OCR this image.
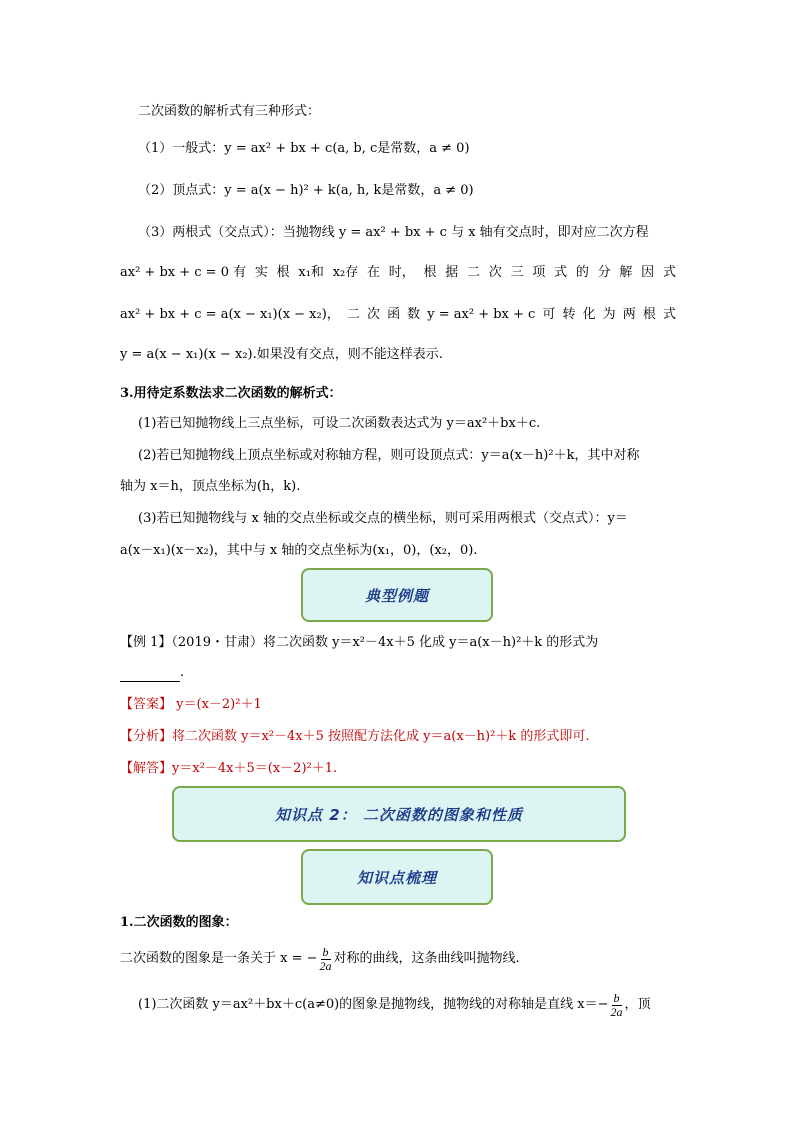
二次函数的解析式有三种形式：
（1）一般式：y = ax² + bx + c(a, b, c是常数，a ≠ 0)
（2）顶点式：y = a(x − h)² + k(a, h, k是常数，a ≠ 0)
（3）两根式（交点式）：当抛物线 y = ax² + bx + c 与 x 轴有交点时，即对应二次方程
ax² + bx + c = 0 有 实 根 x₁和 x₂存 在 时， 根 据 二 次 三 项 式 的 分 解 因 式
ax² + bx + c = a(x − x₁)(x − x₂)， 二 次 函 数 y = ax² + bx + c 可 转 化 为 两 根 式
y = a(x − x₁)(x − x₂).如果没有交点，则不能这样表示.
3.用待定系数法求二次函数的解析式：
(1)若已知抛物线上三点坐标，可设二次函数表达式为 y＝ax²＋bx＋c.
(2)若已知抛物线上顶点坐标或对称轴方程，则可设顶点式：y＝a(x－h)²＋k，其中对称
轴为 x＝h，顶点坐标为(h，k).
(3)若已知抛物线与 x 轴的交点坐标或交点的横坐标，则可采用两根式（交点式）：y＝
a(x－x₁)(x－x₂)，其中与 x 轴的交点坐标为(x₁，0)，(x₂，0).
典型例题
【例 1】（2019・甘肃）将二次函数 y＝x²－4x＋5 化成 y＝a(x－h)²＋k 的形式为
.
【答案】 y＝(x－2)²＋1
【分析】将二次函数 y＝x²－4x＋5 按照配方法化成 y＝a(x－h)²＋k 的形式即可.
【解答】y＝x²－4x＋5＝(x－2)²＋1.
知识点 2： 二次函数的图象和性质
知识点梳理
1.二次函数的图象：
二次函数的图象是一条关于 x = − $\frac{b}{2a}$ 对称的曲线，这条曲线叫抛物线.
(1)二次函数 y＝ax²＋bx＋c(a≠0)的图象是抛物线，抛物线的对称轴是直线 $x=- \frac{b}{2a}$ ，顶
